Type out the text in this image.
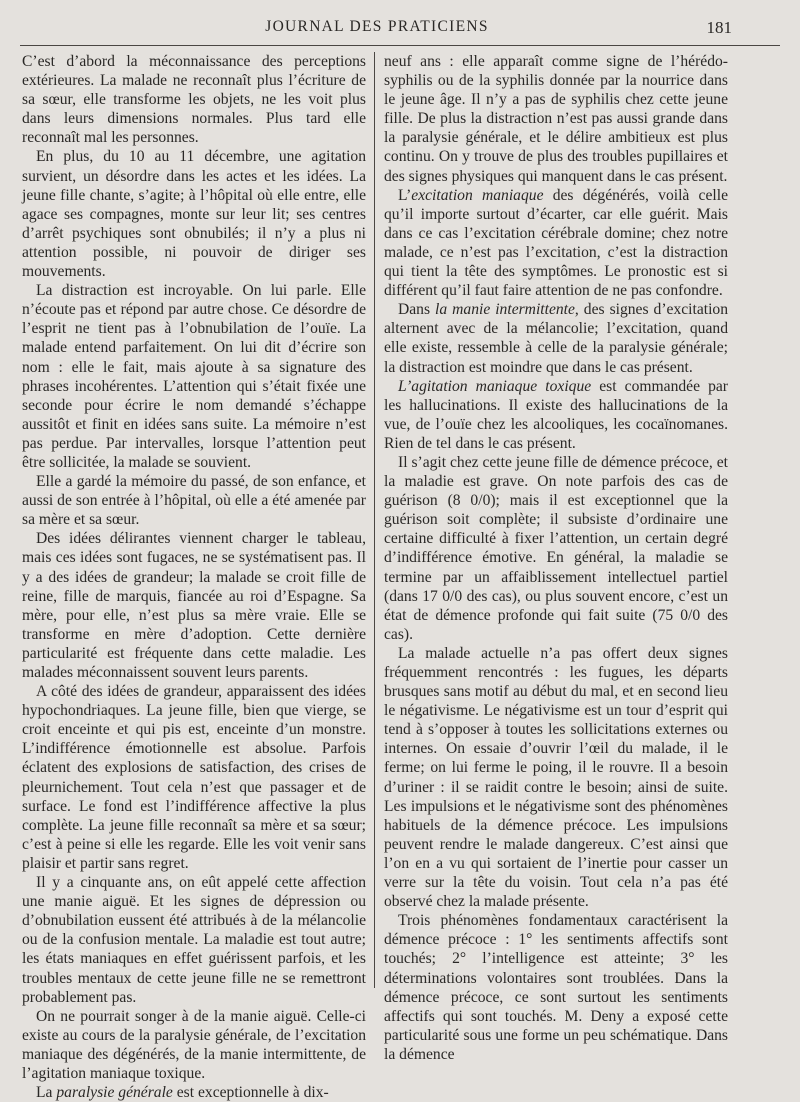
JOURNAL DES PRATICIENS	181

C’est d’abord la méconnaissance des perceptions extérieures. La malade ne reconnaît plus l’écriture de sa sœur, elle transforme les objets, ne les voit plus dans leurs dimensions normales. Plus tard elle reconnaît mal les personnes.

En plus, du 10 au 11 décembre, une agitation survient, un désordre dans les actes et les idées. La jeune fille chante, s’agite; à l’hôpital où elle entre, elle agace ses compagnes, monte sur leur lit; ses centres d’arrêt psychiques sont obnubilés; il n’y a plus ni attention possible, ni pouvoir de diriger ses mouvements.

La distraction est incroyable. On lui parle. Elle n’écoute pas et répond par autre chose. Ce désordre de l’esprit ne tient pas à l’obnubilation de l’ouïe. La malade entend parfaitement. On lui dit d’écrire son nom : elle le fait, mais ajoute à sa signature des phrases incohérentes. L’attention qui s’était fixée une seconde pour écrire le nom demandé s’échappe aussitôt et finit en idées sans suite. La mémoire n’est pas perdue. Par intervalles, lorsque l’attention peut être sollicitée, la malade se souvient.

Elle a gardé la mémoire du passé, de son enfance, et aussi de son entrée à l’hôpital, où elle a été amenée par sa mère et sa sœur.

Des idées délirantes viennent charger le tableau, mais ces idées sont fugaces, ne se systématisent pas. Il y a des idées de grandeur; la malade se croit fille de reine, fille de marquis, fiancée au roi d’Espagne. Sa mère, pour elle, n’est plus sa mère vraie. Elle se transforme en mère d’adoption. Cette dernière particularité est fréquente dans cette maladie. Les malades méconnaissent souvent leurs parents.

A côté des idées de grandeur, apparaissent des idées hypochondriaques. La jeune fille, bien que vierge, se croit enceinte et qui pis est, enceinte d’un monstre. L’indifférence émotionnelle est absolue. Parfois éclatent des explosions de satisfaction, des crises de pleurnichement. Tout cela n’est que passager et de surface. Le fond est l’indifférence affective la plus complète. La jeune fille reconnaît sa mère et sa sœur; c’est à peine si elle les regarde. Elle les voit venir sans plaisir et partir sans regret.

Il y a cinquante ans, on eût appelé cette affection une manie aiguë. Et les signes de dépression ou d’obnubilation eussent été attribués à de la mélancolie ou de la confusion mentale. La maladie est tout autre; les états maniaques en effet guérissent parfois, et les troubles mentaux de cette jeune fille ne se remettront probablement pas.

On ne pourrait songer à de la manie aiguë. Celle-ci existe au cours de la paralysie générale, de l’excitation maniaque des dégénérés, de la manie intermittente, de l’agitation maniaque toxique.

La paralysie générale est exceptionnelle à dix-

neuf ans : elle apparaît comme signe de l’hérédo-syphilis ou de la syphilis donnée par la nourrice dans le jeune âge. Il n’y a pas de syphilis chez cette jeune fille. De plus la distraction n’est pas aussi grande dans la paralysie générale, et le délire ambitieux est plus continu. On y trouve de plus des troubles pupillaires et des signes physiques qui manquent dans le cas présent.

L’excitation maniaque des dégénérés, voilà celle qu’il importe surtout d’écarter, car elle guérit. Mais dans ce cas l’excitation cérébrale domine; chez notre malade, ce n’est pas l’excitation, c’est la distraction qui tient la tête des symptômes. Le pronostic est si différent qu’il faut faire attention de ne pas confondre.

Dans la manie intermittente, des signes d’excitation alternent avec de la mélancolie; l’excitation, quand elle existe, ressemble à celle de la paralysie générale; la distraction est moindre que dans le cas présent.

L’agitation maniaque toxique est commandée par les hallucinations. Il existe des hallucinations de la vue, de l’ouïe chez les alcooliques, les cocaïnomanes. Rien de tel dans le cas présent.

Il s’agit chez cette jeune fille de démence précoce, et la maladie est grave. On note parfois des cas de guérison (8 0/0); mais il est exceptionnel que la guérison soit complète; il subsiste d’ordinaire une certaine difficulté à fixer l’attention, un certain degré d’indifférence émotive. En général, la maladie se termine par un affaiblissement intellectuel partiel (dans 17 0/0 des cas), ou plus souvent encore, c’est un état de démence profonde qui fait suite (75 0/0 des cas).

La malade actuelle n’a pas offert deux signes fréquemment rencontrés : les fugues, les départs brusques sans motif au début du mal, et en second lieu le négativisme. Le négativisme est un tour d’esprit qui tend à s’opposer à toutes les sollicitations externes ou internes. On essaie d’ouvrir l’œil du malade, il le ferme; on lui ferme le poing, il le rouvre. Il a besoin d’uriner : il se raidit contre le besoin; ainsi de suite. Les impulsions et le négativisme sont des phénomènes habituels de la démence précoce. Les impulsions peuvent rendre le malade dangereux. C’est ainsi que l’on en a vu qui sortaient de l’inertie pour casser un verre sur la tête du voisin. Tout cela n’a pas été observé chez la malade présente.

Trois phénomènes fondamentaux caractérisent la démence précoce : 1° les sentiments affectifs sont touchés; 2° l’intelligence est atteinte; 3° les déterminations volontaires sont troublées. Dans la démence précoce, ce sont surtout les sentiments affectifs qui sont touchés. M. Deny a exposé cette particularité sous une forme un peu schématique. Dans la démence
